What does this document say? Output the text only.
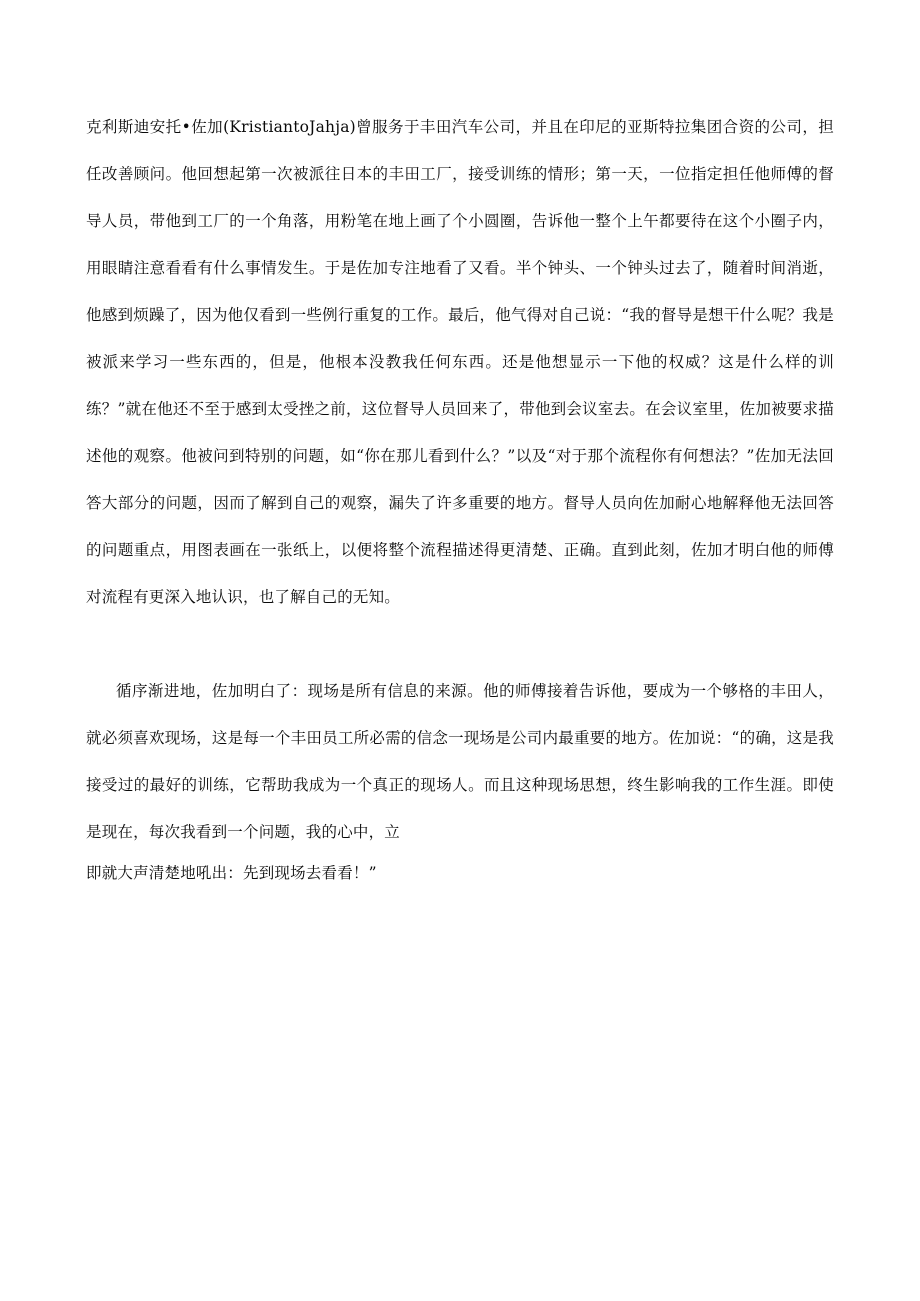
克利斯迪安托•佐加(KristiantoJahja)曾服务于丰田汽车公司，并且在印尼的亚斯特拉集团合资的公司，担任改善顾问。他回想起第一次被派往日本的丰田工厂，接受训练的情形；第一天，一位指定担任他师傅的督导人员，带他到工厂的一个角落，用粉笔在地上画了个小圆圈，告诉他一整个上午都要待在这个小圈子内，用眼睛注意看看有什么事情发生。于是佐加专注地看了又看。半个钟头、一个钟头过去了，随着时间消逝，他感到烦躁了，因为他仅看到一些例行重复的工作。最后，他气得对自己说：“我的督导是想干什么呢？我是被派来学习一些东西的，但是，他根本没教我任何东西。还是他想显示一下他的权威？这是什么样的训练？”就在他还不至于感到太受挫之前，这位督导人员回来了，带他到会议室去。在会议室里，佐加被要求描述他的观察。他被问到特别的问题，如“你在那儿看到什么？”以及“对于那个流程你有何想法？”佐加无法回答大部分的问题，因而了解到自己的观察，漏失了许多重要的地方。督导人员向佐加耐心地解释他无法回答的问题重点，用图表画在一张纸上，以便将整个流程描述得更清楚、正确。直到此刻，佐加才明白他的师傅对流程有更深入地认识，也了解自己的无知。

循序渐进地，佐加明白了：现场是所有信息的来源。他的师傅接着告诉他，要成为一个够格的丰田人，就必须喜欢现场，这是每一个丰田员工所必需的信念一现场是公司内最重要的地方。佐加说：“的确，这是我接受过的最好的训练，它帮助我成为一个真正的现场人。而且这种现场思想，终生影响我的工作生涯。即使是现在，每次我看到一个问题，我的心中，立

即就大声清楚地吼出：先到现场去看看！”
